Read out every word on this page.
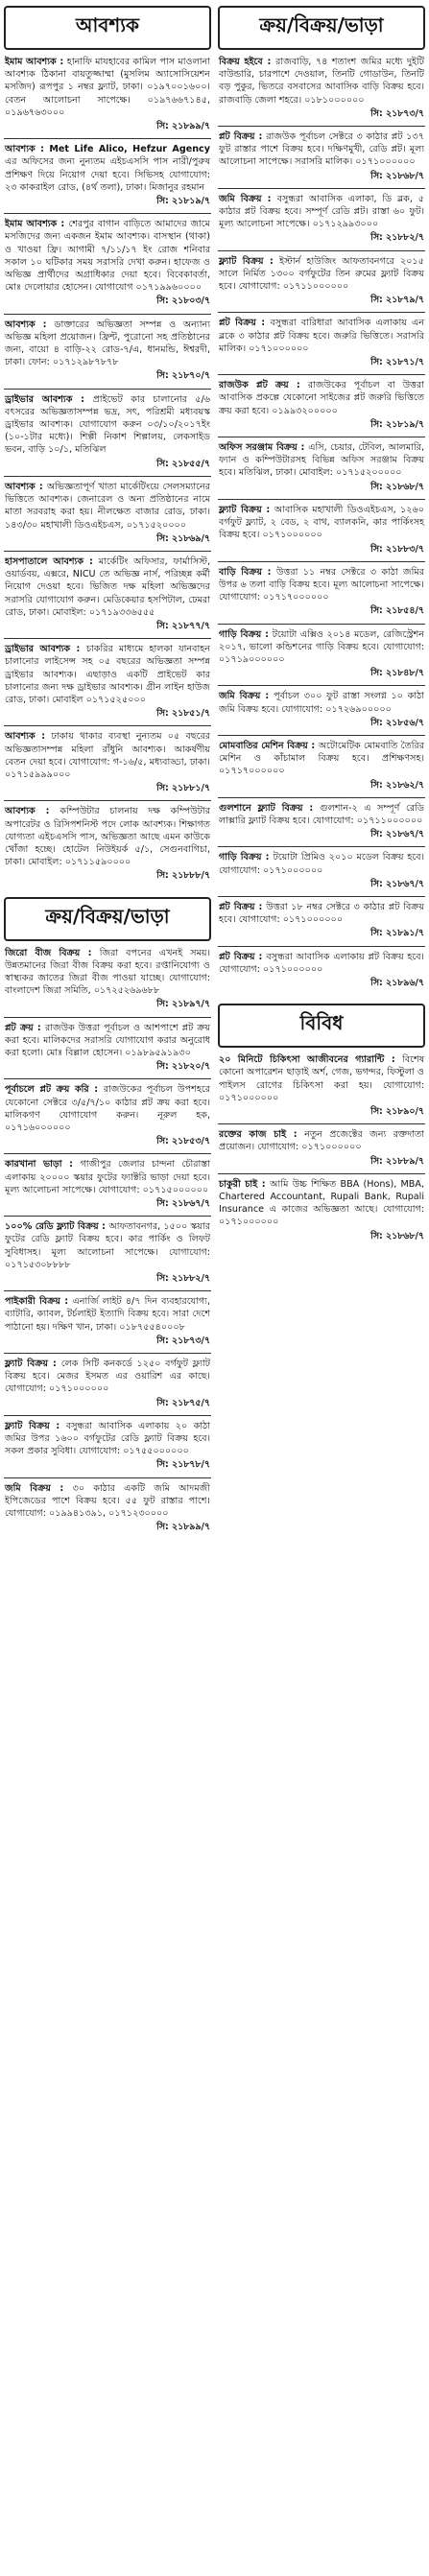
আবশ্যক
ইমাম আবশ্যক : হানাফি মাযহাবের কামিল পাস মাওলানা আবশ্যক ঠিকানা বায়তুজ্জাম্মা (মুসলিম অ্যাসোসিয়েশন মসজিদ) রূপপুর ১ নম্বর ফ্ল্যাট, ঢাকা। ০১৯৭০০১৬০০। বেতন আলোচনা সাপেক্ষে। ০১৯৭৬৬৭১৪৫, ০১৯৬৭৬৩০০০
সি: ২১৮৯৯/৭
আবশ্যক : Met Life Alico, Hefzur Agency এর অফিসের জন্য নুন্যতম এইচএসসি পাস নারী/পুরুষ প্রশিক্ষণ দিয়ে নিয়োগ দেয়া হবে। সিভিসহ যোগাযোগ: ২৩ কাকরাইল রোড, (৪র্থ তলা), ঢাকা। মিজানুর রহমান
সি: ২১৮১৯/৭
ইমাম আবশ্যক : শেরপুর বাগান বাড়িতে আমাদের জামে মসজিদের জন্য একজন ইমাম আবশ্যক। বাসস্থান (থাকা) ও খাওয়া ফ্রি। আগামী ৭/১১/১৭ ইং রোজ শনিবার সকাল ১০ ঘটিকার সময় সরাসরি দেখা করুন। হাফেজ ও অভিজ্ঞ প্রার্থীদের অগ্রাধিকার দেয়া হবে। বিবেকাবর্তা, মোঃ দেলোয়ার হোসেন। যোগাযোগ ০১৭১৯৯৬০০০০
সি: ২১৮০৩/৭
আবশ্যক : ডাক্তারের অভিজ্ঞতা সম্পন্ন ও অন্যান্য অভিজ্ঞ মহিলা প্রয়োজন। ফ্রিন্ট, পুরোনো সহ প্রতিষ্ঠানের জন্য, বায়ো ৪ বাড়ি-২২ রোড-৭/এ, ধানমন্ডি, ঈশ্বরদী, ঢাকা। ফোন: ০১৭১২৯৮৭৮৭৮
সি: ২১৮৭০/৭
ড্রাইভার আবশ্যক : প্রাইভেট কার চালানোর ৫/৬ বৎসরের অভিজ্ঞতাসম্পন্ন ভদ্র, সৎ, পরিশ্রমী মধ্যবয়স্ক ড্রাইভার আবশ্যক। যোগাযোগ করুন ০৩/১০/২০১৭ইং (১০-১টার মধ্যে)। শিল্পী নিকাশ শিল্পালয়, লেকসাইড ভবন, বাড়ি ১০/১, মতিঝিল
সি: ২১৮৫৫/৭
আবশ্যক : অভিজ্ঞতাপূর্ণ খাতা মার্কেটিংয়ে সেলসম্যানের ভিত্তিতে আবশ্যক। জেনারেল ও অন্য প্রতিষ্ঠানের নামে মাতা সরবরাহ করা হয়। নীলক্ষেত বাজার রোড, ঢাকা। ১৪৩/৩০ মহাখালী ডিওএইচএস, ০১৭১৫২০০০০
সি: ২১৮৬৯/৭
হাসপাতালে আবশ্যক : মার্কেটিং অফিসার, ফার্মাসিস্ট, ওয়ার্ডবয়, এক্সরে, NICU তে অভিজ্ঞ নার্স, পরিচ্ছন্ন কর্মী নিয়োগ দেওয়া হবে। ভিজিত দক্ষ মহিলা অভিজ্ঞদের সরাসরি যোগাযোগ করুন। মেডিকেয়ার হসপিটাল, ঢেমরা রোড, ঢাকা। মোবাইল: ০১৭১৯৩৩৬৫৫৫
সি: ২১৮৭৭/৭
ড্রাইভার আবশ্যক : চাকরির মাধ্যমে হালকা যানবাহন চালানোর লাইসেন্স সহ ০৫ বছরের অভিজ্ঞতা সম্পন্ন ড্রাইভার আবশ্যক। এছাড়াও একটি প্রাইভেট কার চালানোর জন্য দক্ষ ড্রাইভার আবশ্যক। গ্রীন লাইন হাউজ রোড, ঢাকা। মোবাইল ০১৭১৫২৫০০০
সি: ২১৮৫১/৭
আবশ্যক : ঢাকায় থাকার ব্যবস্থা নুন্যতম ০৫ বছরের অভিজ্ঞতাসম্পন্ন মহিলা রাঁধুনি আবশ্যক। আকর্ষণীয় বেতন দেয়া হবে। যোগাযোগ: গ-১৬/৫, মধ্যবাড্ডা, ঢাকা। ০১৭১৫৯৯৯০০০
সি: ২১৮৮১/৭
আবশ্যক : কম্পিউটার চালনায় দক্ষ কম্পিউটার অপারেটর ও রিসিপশনিস্ট পদে লোক আবশ্যক। শিক্ষাগত যোগ্যতা এইচএসসি পাস, অভিজ্ঞতা আছে এমন কাউকে খোঁজা হচ্ছে। হোটেল নিউইয়র্ক ৫/১, সেগুনবাগিচা, ঢাকা। মোবাইল: ০১৭১১৫৯০০০০
সি: ২১৮৮৮/৭
ক্রয়/বিক্রয়/ভাড়া
জিরো বীজ বিক্রয় : জিরা বপনের এখনই সময়। উন্নতমানের জিরা বীজ বিক্রয় করা হবে। রপ্তানিযোগ্য ও স্বাস্থ্যকর জাতের জিরা বীজ পাওয়া যাচ্ছে। যোগাযোগ: বাংলাদেশ জিরা সমিতি, ০১৭২৫২৬৯৬৮৮
সি: ২১৮৯৭/৭
প্লট ক্রয় : রাজউক উত্তরা পূর্বাচল ও আশপাশে প্লট ক্রয় করা হবে। মালিকদের সরাসরি যোগাযোগ করার অনুরোধ করা হলো। মোঃ বিল্লাল হোসেন। ০১৯৮৯৫৯১৯৩০
সি: ২১৮২০/৭
পূর্বাচলে প্লট ক্রয় করি : রাজউকের পূর্বাচল উপশহরে যেকোনো সেক্টরে ৩/৫/৭/১০ কাঠার প্লট ক্রয় করা হবে। মালিকগণ যোগাযোগ করুন। নূরুল হক, ০১৭১৬০০০০০০
সি: ২১৮৫৩/৭
কারখানা ভাড়া : গাজীপুর জেলার চান্দনা চৌরাস্তা এলাকায় ২০০০০ স্কয়ার ফুটের ফ্যাক্টরি ভাড়া দেয়া হবে। মূল্য আলোচনা সাপেক্ষে। যোগাযোগ: ০১৭১৫০০০০০০
সি: ২১৮৬৭/৭
১০০% রেডি ফ্ল্যাট বিক্রয় : আফতাবনগর, ১৫০০ স্কয়ার ফুটের রেডি ফ্ল্যাট বিক্রয় হবে। কার পার্কিং ও লিফট সুবিধাসহ। মূল্য আলোচনা সাপেক্ষে। যোগাযোগ: ০১৭১৫৩০৮৮৮৮
সি: ২১৮৮২/৭
পাইকারী বিক্রয় : এনার্জি লাইট ৪/৭ দিন ব্যবহারযোগ্য, ব্যাটারি, ক্যাবল, টর্চলাইট ইত্যাদি বিক্রয় হবে। সারা দেশে পাঠানো হয়। দক্ষিণ খান, ঢাকা। ০১৮৭৫৫৪০০০৮
সি: ২১৮৭৩/৭
ফ্ল্যাট বিক্রয় : লেক সিটি কনকর্ডে ১২৫০ বর্গফুট ফ্ল্যাট বিক্রয় হবে। মেজর ইসমত এর ওয়ারিশ এর কাছে। যোগাযোগ: ০১৭১০০০০০০
সি: ২১৮৭৫/৭
ফ্ল্যাট বিক্রয় : বসুন্ধরা আবাসিক এলাকায় ২০ কাঠা জমির উপর ১৬০০ বর্গফুটের রেডি ফ্ল্যাট বিক্রয় হবে। সকল প্রকার সুবিধা। যোগাযোগ: ০১৭৫৫০০০০০০
সি: ২১৮৭৮/৭
জমি বিক্রয় : ৩০ কাঠার একটি জমি আদমজী ইপিজেডের পাশে বিক্রয় হবে। ৫৫ ফুট রাস্তার পাশে। যোগাযোগ: ০১৯৯৪১৩৯১, ০১৭১২৩০০০০
সি: ২১৮৯৯/৭
ক্রয়/বিক্রয়/ভাড়া
বিক্রয় হইবে : রাজবাড়ি, ৭৪ শতাংশ জমির মধ্যে দুইটি বাউন্ডারি, চারপাশে দেওয়াল, তিনটি গোডাউন, তিনটি বড় পুকুর, ভিতরে বসবাসের আবাসিক বাড়ি বিক্রয় হবে। রাজবাড়ি জেলা শহরে। ০১৮১০০০০০০
সি: ২১৮৭৩/৭
প্লট বিক্রয় : রাজউক পূর্বাচল সেক্টরে ৩ কাঠার প্লট ১৩৭ ফুট রাস্তার পাশে বিক্রয় হবে। দক্ষিণমুখী, রেডি প্লট। মূল্য আলোচনা সাপেক্ষে। সরাসরি মালিক। ০১৭১০০০০০০
সি: ২১৮৬৮/৭
জমি বিক্রয় : বসুন্ধরা আবাসিক এলাকা, ডি ব্লক, ৫ কাঠার প্লট বিক্রয় হবে। সম্পূর্ণ রেডি প্লট। রাস্তা ৬০ ফুট। মূল্য আলোচনা সাপেক্ষে। ০১৭১২৯৯৩০০০
সি: ২১৮৮২/৭
ফ্ল্যাট বিক্রয় : ইস্টার্ন হাউজিং আফতাবনগরে ২০১৫ সালে নির্মিত ১৩০০ বর্গফুটের তিন রুমের ফ্ল্যাট বিক্রয় হবে। যোগাযোগ: ০১৭১১০০০০০০
সি: ২১৮৭৯/৭
প্লট বিক্রয় : বসুন্ধরা বারিধারা আবাসিক এলাকায় এন ব্লকে ৩ কাঠার প্লট বিক্রয় হবে। জরুরি ভিত্তিতে। সরাসরি মালিক। ০১৭১০০০০০০
সি: ২১৮৭১/৭
রাজউক প্লট ক্রয় : রাজউকের পূর্বাচল বা উত্তরা আবাসিক প্রকল্পে যেকোনো সাইজের প্লট জরুরি ভিত্তিতে ক্রয় করা হবে। ০১৯৯৩২০০০০০
সি: ২১৮১৯/৭
অফিস সরঞ্জাম বিক্রয় : এসি, চেয়ার, টেবিল, আলমারি, ফ্যান ও কম্পিউটারসহ বিভিন্ন অফিস সরঞ্জাম বিক্রয় হবে। মতিঝিল, ঢাকা। মোবাইল: ০১৭১৫২০০০০০
সি: ২১৮৬৮/৭
ফ্ল্যাট বিক্রয় : আবাসিক মহাখালী ডিওএইচএস, ১২৬০ বর্গফুট ফ্ল্যাট, ২ বেড, ২ বাথ, ব্যালকনি, কার পার্কিংসহ বিক্রয় হবে। ০১৭১০০০০০০
সি: ২১৮৮৩/৭
বাড়ি বিক্রয় : উত্তরা ১১ নম্বর সেক্টরে ৩ কাঠা জমির উপর ৬ তলা বাড়ি বিক্রয় হবে। মূল্য আলোচনা সাপেক্ষে। যোগাযোগ: ০১৭১৭০০০০০০
সি: ২১৮৫৪/৭
গাড়ি বিক্রয় : টয়োটা এক্সিও ২০১৪ মডেল, রেজিস্ট্রেশন ২০১৭, ভালো কন্ডিশনের গাড়ি বিক্রয় হবে। যোগাযোগ: ০১৭১৯০০০০০০
সি: ২১৮৪৮/৭
জমি বিক্রয় : পূর্বাচল ৩০০ ফুট রাস্তা সংলগ্ন ১০ কাঠা জমি বিক্রয় হবে। যোগাযোগ: ০১৭২৬৯০০০০০
সি: ২১৮৫৬/৭
মোমবাতির মেশিন বিক্রয় : অটোমেটিক মোমবাতি তৈরির মেশিন ও কাঁচামাল বিক্রয় হবে। প্রশিক্ষণসহ। ০১৭১৭০০০০০০
সি: ২১৮৬২/৭
গুলশানে ফ্ল্যাট বিক্রয় : গুলশান-২ এ সম্পূর্ণ রেডি লাক্সারি ফ্ল্যাট বিক্রয় হবে। যোগাযোগ: ০১৭১১০০০০০০
সি: ২১৮৬৭/৭
গাড়ি বিক্রয় : টয়োটা প্রিমিও ২০১০ মডেল বিক্রয় হবে। যোগাযোগ: ০১৭১০০০০০০
সি: ২১৮৬৭/৭
প্লট বিক্রয় : উত্তরা ১৮ নম্বর সেক্টরে ৩ কাঠার প্লট বিক্রয় হবে। যোগাযোগ: ০১৭১০০০০০০
সি: ২১৮৯১/৭
প্লট বিক্রয় : বসুন্ধরা আবাসিক এলাকায় প্লট বিক্রয় হবে। যোগাযোগ: ০১৭১০০০০০০
সি: ২১৮৯৬/৭
বিবিধ
২০ মিনিটে চিকিৎসা আজীবনের গ্যারান্টি : বিশেষ কোনো অপারেশন ছাড়াই অর্শ, গেজ, ভগন্দর, ফিস্টুলা ও পাইলস রোগের চিকিৎসা করা হয়। যোগাযোগ: ০১৭১০০০০০০
সি: ২১৮৯০/৭
রক্তের কাজ চাই : নতুন প্রজেক্টের জন্য রক্তদাতা প্রয়োজন। যোগাযোগ: ০১৭১০০০০০০
সি: ২১৮৮৯/৭
চাকুরী চাই : আমি উচ্চ শিক্ষিত BBA (Hons), MBA, Chartered Accountant, Rupali Bank, Rupali Insurance এ কাজের অভিজ্ঞতা আছে। যোগাযোগ: ০১৭১০০০০০০
সি: ২১৮৬৮/৭
